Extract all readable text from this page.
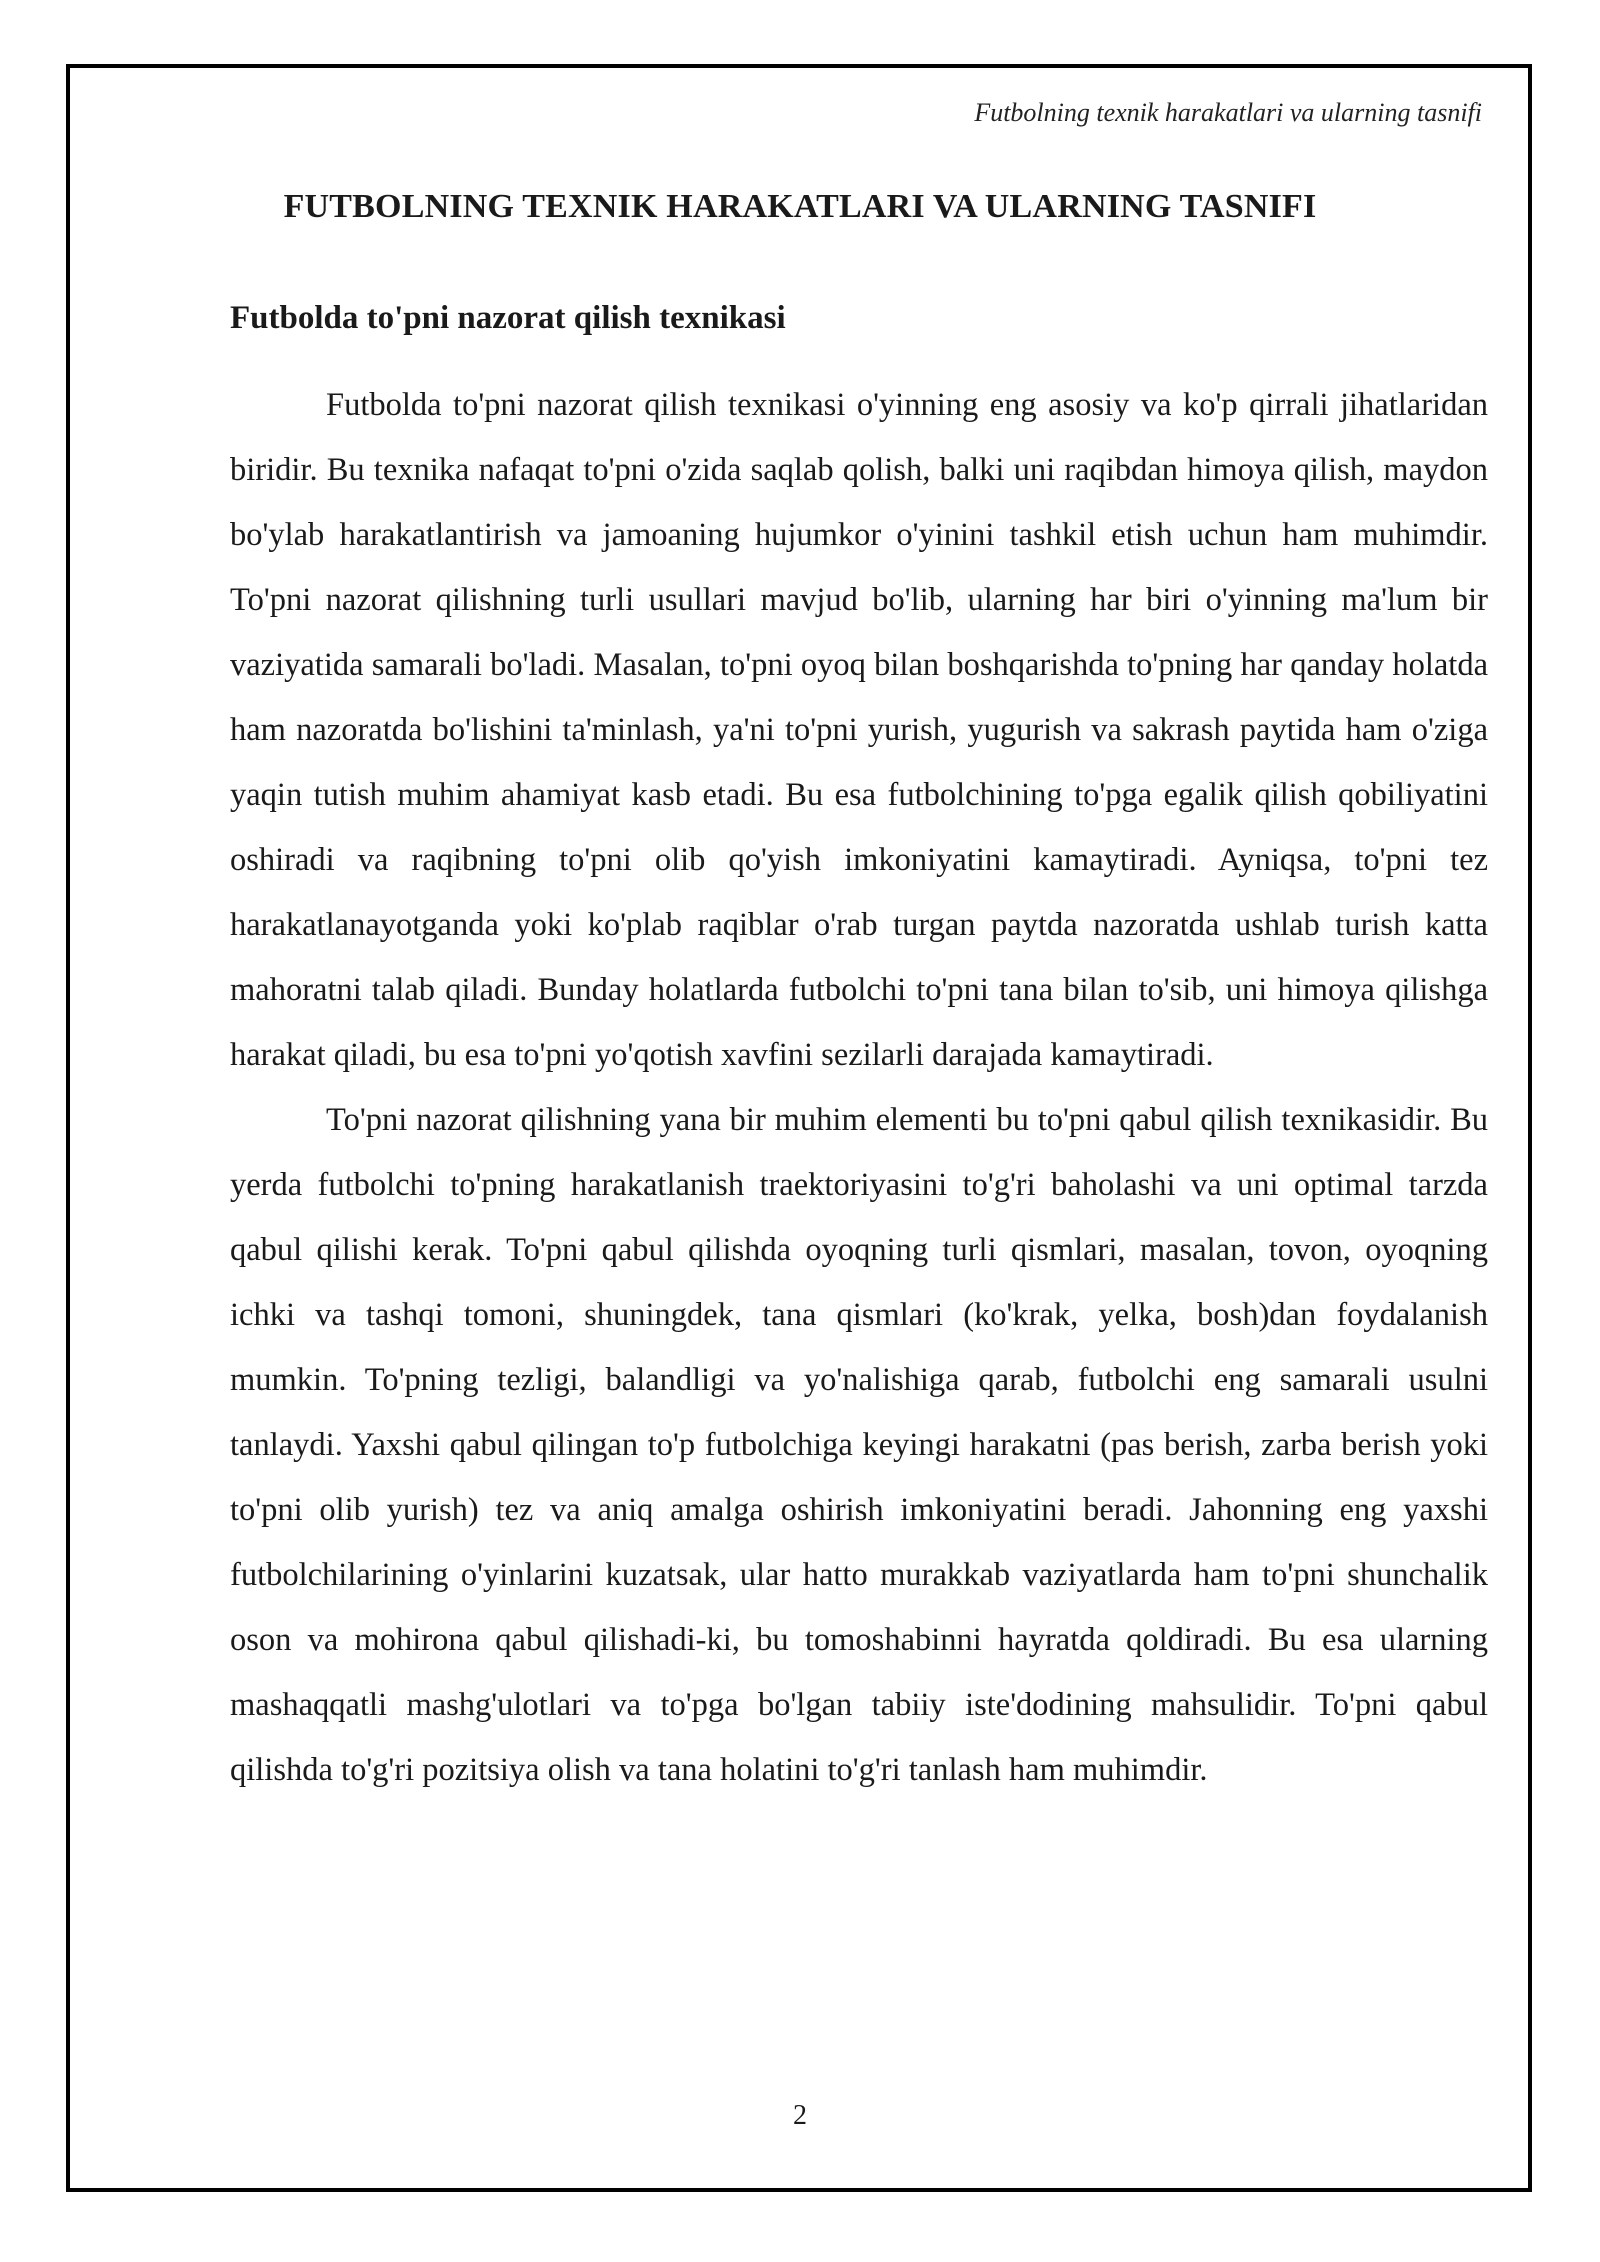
Futbolning texnik harakatlari va ularning tasnifi
FUTBOLNING TEXNIK HARAKATLARI VA ULARNING TASNIFI
Futbolda to'pni nazorat qilish texnikasi

Futbolda to'pni nazorat qilish texnikasi o'yinning eng asosiy va ko'p qirrali jihatlaridan biridir. Bu texnika nafaqat to'pni o'zida saqlab qolish, balki uni raqibdan himoya qilish, maydon bo'ylab harakatlantirish va jamoaning hujumkor o'yinini tashkil etish uchun ham muhimdir. To'pni nazorat qilishning turli usullari mavjud bo'lib, ularning har biri o'yinning ma'lum bir vaziyatida samarali bo'ladi. Masalan, to'pni oyoq bilan boshqarishda to'pning har qanday holatda ham nazoratda bo'lishini ta'minlash, ya'ni to'pni yurish, yugurish va sakrash paytida ham o'ziga yaqin tutish muhim ahamiyat kasb etadi. Bu esa futbolchining to'pga egalik qilish qobiliyatini oshiradi va raqibning to'pni olib qo'yish imkoniyatini kamaytiradi. Ayniqsa, to'pni tez harakatlanayotganda yoki ko'plab raqiblar o'rab turgan paytda nazoratda ushlab turish katta mahoratni talab qiladi. Bunday holatlarda futbolchi to'pni tana bilan to'sib, uni himoya qilishga harakat qiladi, bu esa to'pni yo'qotish xavfini sezilarli darajada kamaytiradi.

To'pni nazorat qilishning yana bir muhim elementi bu to'pni qabul qilish texnikasidir. Bu yerda futbolchi to'pning harakatlanish traektoriyasini to'g'ri baholashi va uni optimal tarzda qabul qilishi kerak. To'pni qabul qilishda oyoqning turli qismlari, masalan, tovon, oyoqning ichki va tashqi tomoni, shuningdek, tana qismlari (ko'krak, yelka, bosh)dan foydalanish mumkin. To'pning tezligi, balandligi va yo'nalishiga qarab, futbolchi eng samarali usulni tanlaydi. Yaxshi qabul qilingan to'p futbolchiga keyingi harakatni (pas berish, zarba berish yoki to'pni olib yurish) tez va aniq amalga oshirish imkoniyatini beradi. Jahonning eng yaxshi futbolchilarining o'yinlarini kuzatsak, ular hatto murakkab vaziyatlarda ham to'pni shunchalik oson va mohirona qabul qilishadi-ki, bu tomoshabinni hayratda qoldiradi. Bu esa ularning mashaqqatli mashg'ulotlari va to'pga bo'lgan tabiiy iste'dodining mahsulidir. To'pni qabul qilishda to'g'ri pozitsiya olish va tana holatini to'g'ri tanlash ham muhimdir.

2
